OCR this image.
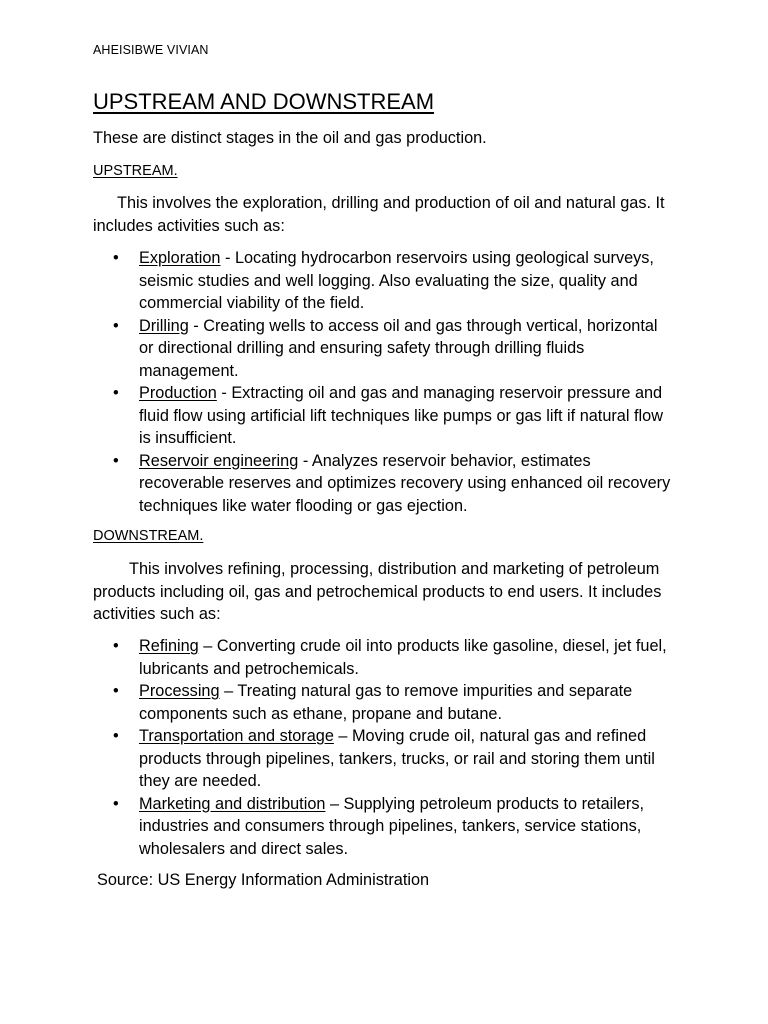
AHEISIBWE VIVIAN
UPSTREAM AND DOWNSTREAM
These are distinct stages in the oil and gas production.
UPSTREAM.
This involves the exploration, drilling and production of oil and natural gas. It includes activities such as:
• Exploration - Locating hydrocarbon reservoirs using geological surveys, seismic studies and well logging. Also evaluating the size, quality and commercial viability of the field.
• Drilling - Creating wells to access oil and gas through vertical, horizontal or directional drilling and ensuring safety through drilling fluids management.
• Production - Extracting oil and gas and managing reservoir pressure and fluid flow using artificial lift techniques like pumps or gas lift if natural flow is insufficient.
• Reservoir engineering - Analyzes reservoir behavior, estimates recoverable reserves and optimizes recovery using enhanced oil recovery techniques like water flooding or gas ejection.
DOWNSTREAM.
This involves refining, processing, distribution and marketing of petroleum products including oil, gas and petrochemical products to end users. It includes activities such as:
• Refining – Converting crude oil into products like gasoline, diesel, jet fuel, lubricants and petrochemicals.
• Processing – Treating natural gas to remove impurities and separate components such as ethane, propane and butane.
• Transportation and storage – Moving crude oil, natural gas and refined products through pipelines, tankers, trucks, or rail and storing them until they are needed.
• Marketing and distribution – Supplying petroleum products to retailers, industries and consumers through pipelines, tankers, service stations, wholesalers and direct sales.
Source: US Energy Information Administration
